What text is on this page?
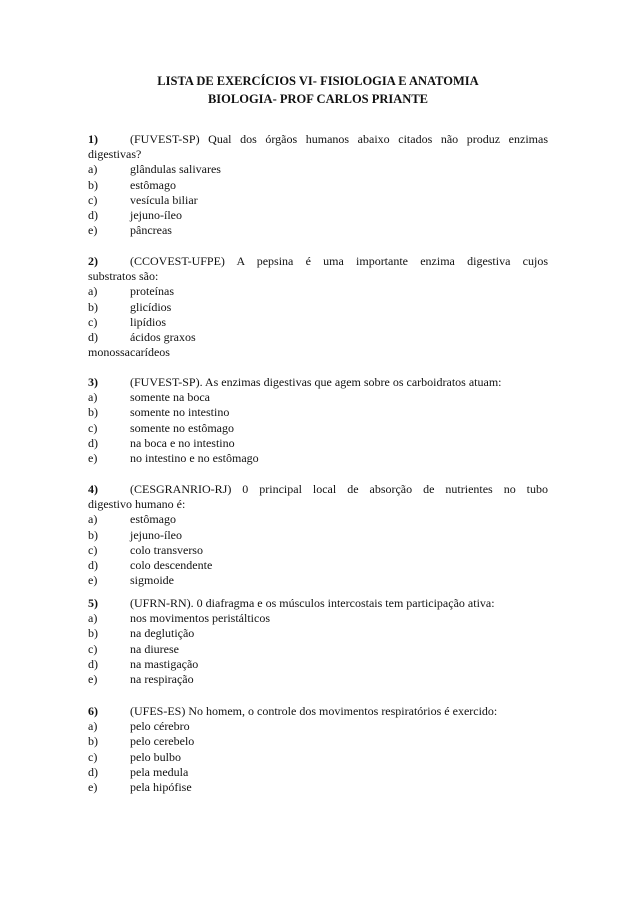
LISTA DE EXERCÍCIOS VI- FISIOLOGIA E ANATOMIA
BIOLOGIA- PROF CARLOS PRIANTE
1)	(FUVEST-SP) Qual dos órgãos humanos abaixo citados não produz enzimas
digestivas?
a)	glândulas salivares
b)	estômago
c)	vesícula biliar
d)	jejuno-íleo
e)	pâncreas
2)	(CCOVEST-UFPE) A pepsina é uma importante enzima digestiva cujos
substratos são:
a)	proteínas
b)	glicídios
c)	lipídios
d)	ácidos graxos
monossacarídeos
3)	(FUVEST-SP). As enzimas digestivas que agem sobre os carboidratos atuam:
a)	somente na boca
b)	somente no intestino
c)	somente no estômago
d)	na boca e no intestino
e)	no intestino e no estômago
4)	(CESGRANRIO-RJ) 0 principal local de absorção de nutrientes no tubo
digestivo humano é:
a)	estômago
b)	jejuno-íleo
c)	colo transverso
d)	colo descendente
e)	sigmoide
5)	(UFRN-RN). 0 diafragma e os músculos intercostais tem participação ativa:
a)	nos movimentos peristálticos
b)	na deglutição
c)	na diurese
d)	na mastigação
e)	na respiração
6)	(UFES-ES) No homem, o controle dos movimentos respiratórios é exercido:
a)	pelo cérebro
b)	pelo cerebelo
c)	pelo bulbo
d)	pela medula
e)	pela hipófise
